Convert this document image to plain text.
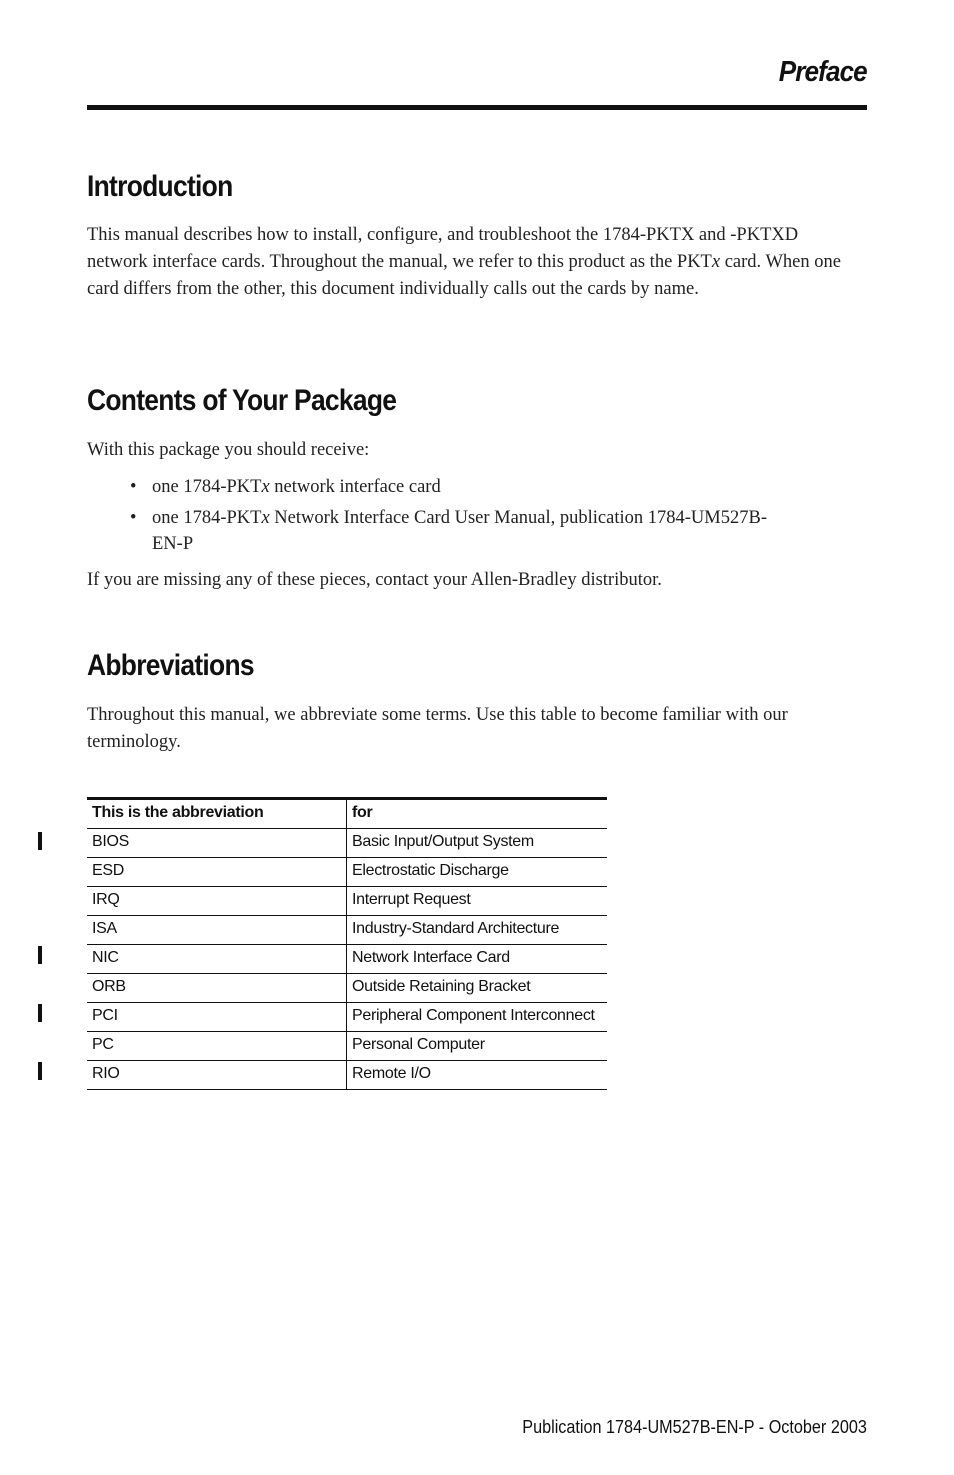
Preface
Introduction

This manual describes how to install, configure, and troubleshoot the 1784-PKTX and -PKTXD network interface cards. Throughout the manual, we refer to this product as the PKTx card. When one card differs from the other, this document individually calls out the cards by name.

Contents of Your Package

With this package you should receive:

• one 1784-PKTx network interface card
• one 1784-PKTx Network Interface Card User Manual, publication 1784-UM527B-EN-P

If you are missing any of these pieces, contact your Allen-Bradley distributor.

Abbreviations

Throughout this manual, we abbreviate some terms. Use this table to become familiar with our terminology.

This is the abbreviation	for
BIOS	Basic Input/Output System
ESD	Electrostatic Discharge
IRQ	Interrupt Request
ISA	Industry-Standard Architecture
NIC	Network Interface Card
ORB	Outside Retaining Bracket
PCI	Peripheral Component Interconnect
PC	Personal Computer
RIO	Remote I/O
Publication 1784-UM527B-EN-P - October 2003
